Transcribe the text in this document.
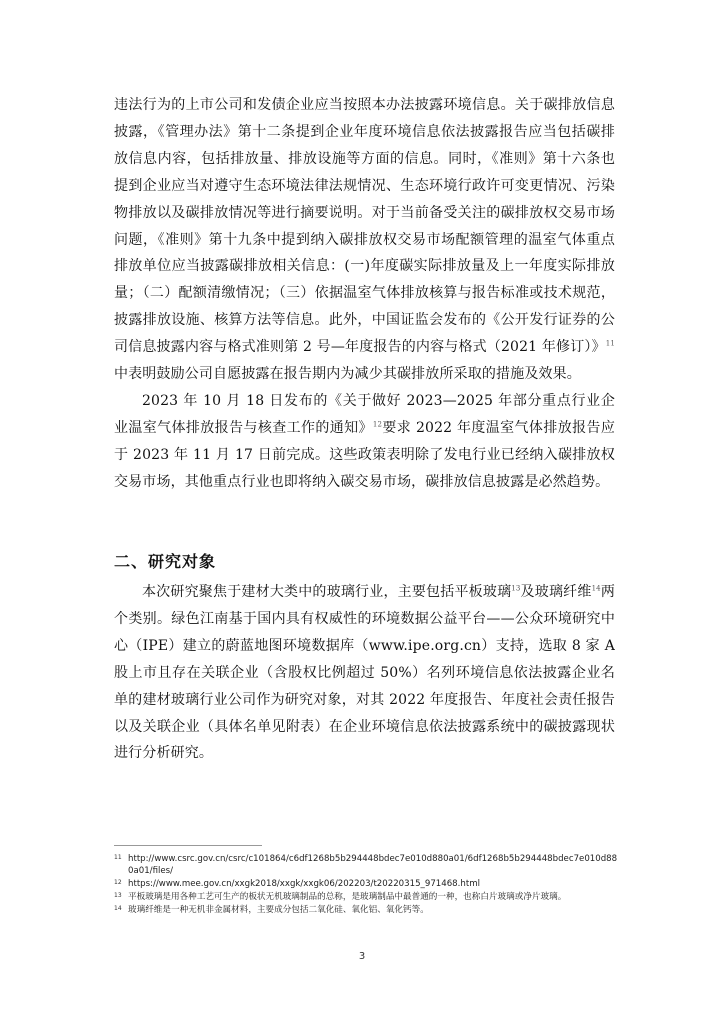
违法行为的上市公司和发债企业应当按照本办法披露环境信息。关于碳排放信息披露，《管理办法》第十二条提到企业年度环境信息依法披露报告应当包括碳排放信息内容，包括排放量、排放设施等方面的信息。同时，《准则》第十六条也提到企业应当对遵守生态环境法律法规情况、生态环境行政许可变更情况、污染物排放以及碳排放情况等进行摘要说明。对于当前备受关注的碳排放权交易市场问题，《准则》第十九条中提到纳入碳排放权交易市场配额管理的温室气体重点排放单位应当披露碳排放相关信息：(一)年度碳实际排放量及上一年度实际排放量；（二）配额清缴情况；（三）依据温室气体排放核算与报告标准或技术规范，披露排放设施、核算方法等信息。此外，中国证监会发布的《公开发行证券的公司信息披露内容与格式准则第 2 号—年度报告的内容与格式（2021 年修订）》$^{11}$中表明鼓励公司自愿披露在报告期内为减少其碳排放所采取的措施及效果。

2023 年 10 月 18 日发布的《关于做好 2023—2025 年部分重点行业企业温室气体排放报告与核查工作的通知》$^{12}$要求 2022 年度温室气体排放报告应于 2023 年 11 月 17 日前完成。这些政策表明除了发电行业已经纳入碳排放权交易市场，其他重点行业也即将纳入碳交易市场，碳排放信息披露是必然趋势。

二、研究对象

本次研究聚焦于建材大类中的玻璃行业，主要包括平板玻璃$^{13}$及玻璃纤维$^{14}$两个类别。绿色江南基于国内具有权威性的环境数据公益平台——公众环境研究中心（IPE）建立的蔚蓝地图环境数据库（www.ipe.org.cn）支持，选取 8 家 A 股上市且存在关联企业（含股权比例超过 50%）名列环境信息依法披露企业名单的建材玻璃行业公司作为研究对象，对其 2022 年度报告、年度社会责任报告以及关联企业（具体名单见附表）在企业环境信息依法披露系统中的碳披露现状进行分析研究。

11 http://www.csrc.gov.cn/csrc/c101864/c6df1268b5b294448bdec7e010d880a01/6df1268b5b294448bdec7e010d880a01/files/
12 https://www.mee.gov.cn/xxgk2018/xxgk/xxgk06/202203/t20220315_971468.html
13 平板玻璃是用各种工艺可生产的板状无机玻璃制品的总称，是玻璃制品中最普通的一种，也称白片玻璃或净片玻璃。
14 玻璃纤维是一种无机非金属材料，主要成分包括二氧化硅、氧化铝、氧化钙等。
3
